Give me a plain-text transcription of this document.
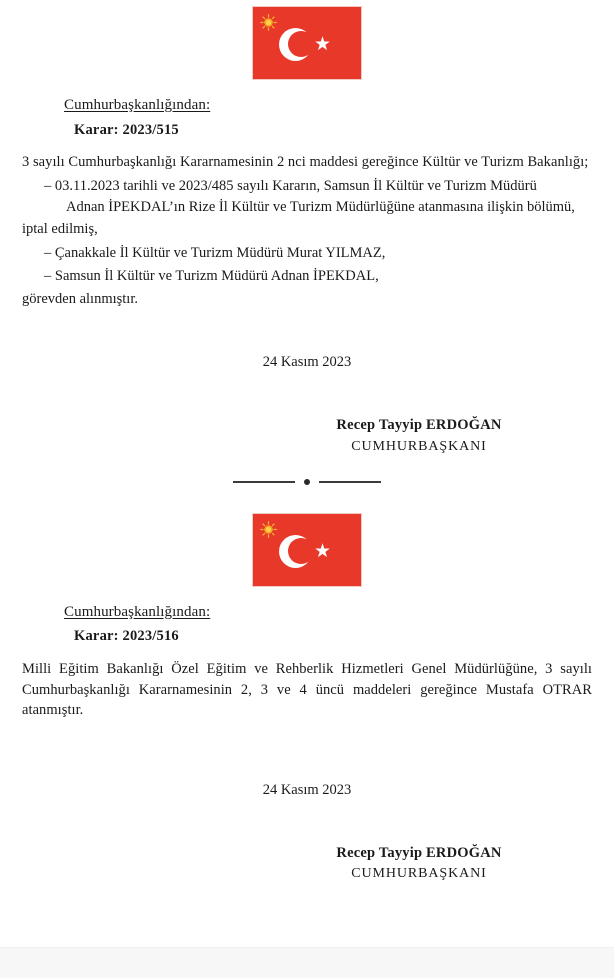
★

Cumhurbaşkanlığından:

Karar: 2023/515

3 sayılı Cumhurbaşkanlığı Kararnamesinin 2 nci maddesi gereğince Kültür ve Turizm Bakanlığı;

– 03.11.2023 tarihli ve 2023/485 sayılı Kararın, Samsun İl Kültür ve Turizm Müdürü
Adnan İPEKDAL’ın Rize İl Kültür ve Turizm Müdürlüğüne atanmasına ilişkin bölümü,

iptal edilmiş,

– Çanakkale İl Kültür ve Turizm Müdürü Murat YILMAZ,

– Samsun İl Kültür ve Turizm Müdürü Adnan İPEKDAL,

görevden alınmıştır.

24 Kasım 2023

Recep Tayyip ERDOĞAN

CUMHURBAŞKANI

★

Cumhurbaşkanlığından:

Karar: 2023/516

Milli Eğitim Bakanlığı Özel Eğitim ve Rehberlik Hizmetleri Genel Müdürlüğüne, 3 sayılı Cumhurbaşkanlığı Kararnamesinin 2, 3 ve 4 üncü maddeleri gereğince Mustafa OTRAR atanmıştır.

24 Kasım 2023

Recep Tayyip ERDOĞAN

CUMHURBAŞKANI
